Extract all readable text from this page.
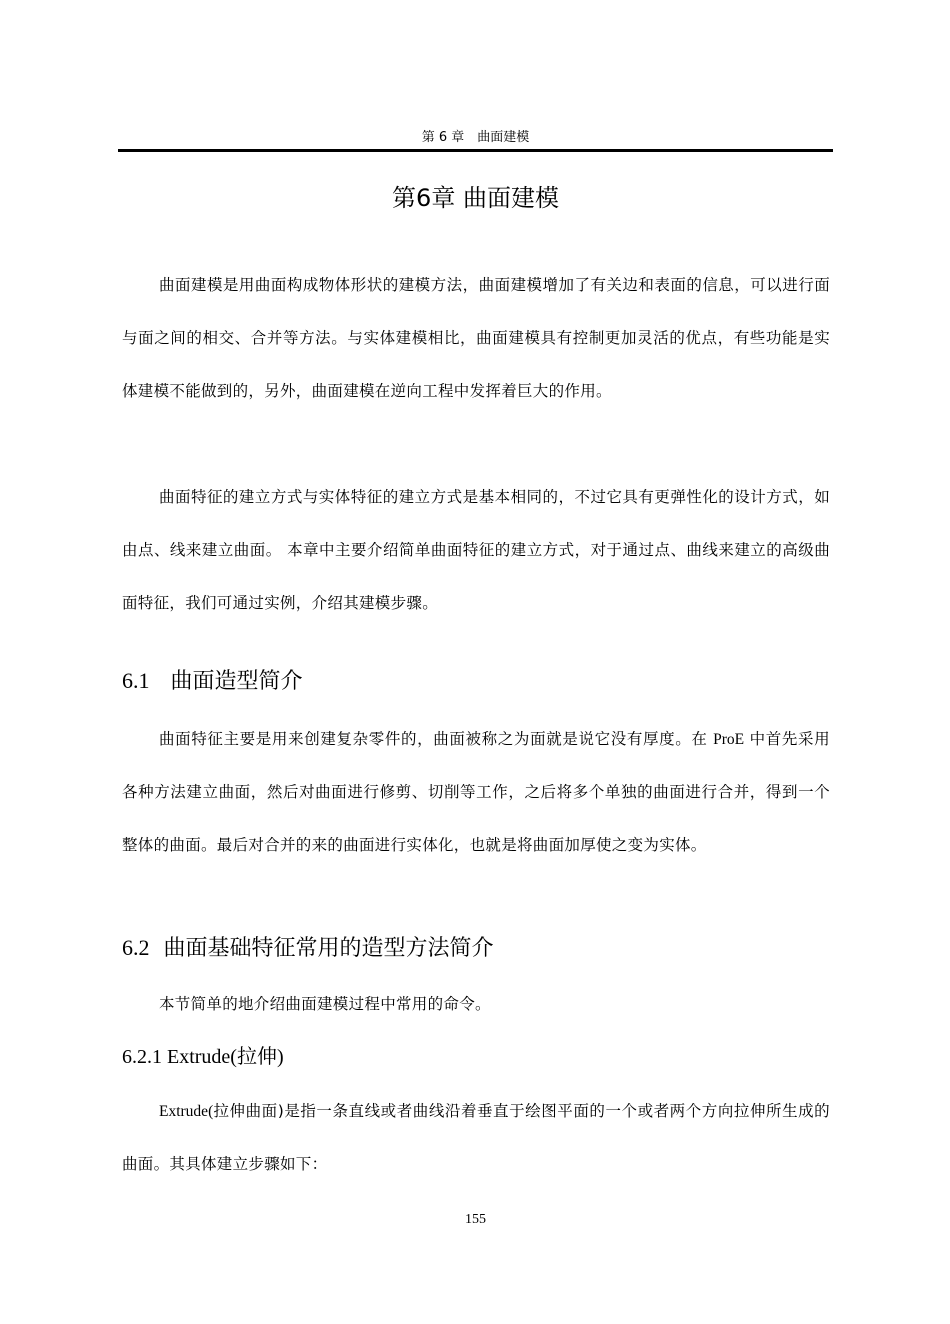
第 6 章　曲面建模
第6章 曲面建模

曲面建模是用曲面构成物体形状的建模方法，曲面建模增加了有关边和表面的信息，可以进行面与面之间的相交、合并等方法。与实体建模相比，曲面建模具有控制更加灵活的优点，有些功能是实体建模不能做到的，另外，曲面建模在逆向工程中发挥着巨大的作用。

曲面特征的建立方式与实体特征的建立方式是基本相同的，不过它具有更弹性化的设计方式，如由点、线来建立曲面。 本章中主要介绍简单曲面特征的建立方式，对于通过点、曲线来建立的高级曲面特征，我们可通过实例，介绍其建模步骤。

6.1 曲面造型简介

曲面特征主要是用来创建复杂零件的，曲面被称之为面就是说它没有厚度。在 ProE 中首先采用各种方法建立曲面，然后对曲面进行修剪、切削等工作，之后将多个单独的曲面进行合并，得到一个整体的曲面。最后对合并的来的曲面进行实体化，也就是将曲面加厚使之变为实体。

6.2 曲面基础特征常用的造型方法简介

本节简单的地介绍曲面建模过程中常用的命令。

6.2.1 Extrude(拉伸)

Extrude(拉伸曲面)是指一条直线或者曲线沿着垂直于绘图平面的一个或者两个方向拉伸所生成的曲面。其具体建立步骤如下：

155
